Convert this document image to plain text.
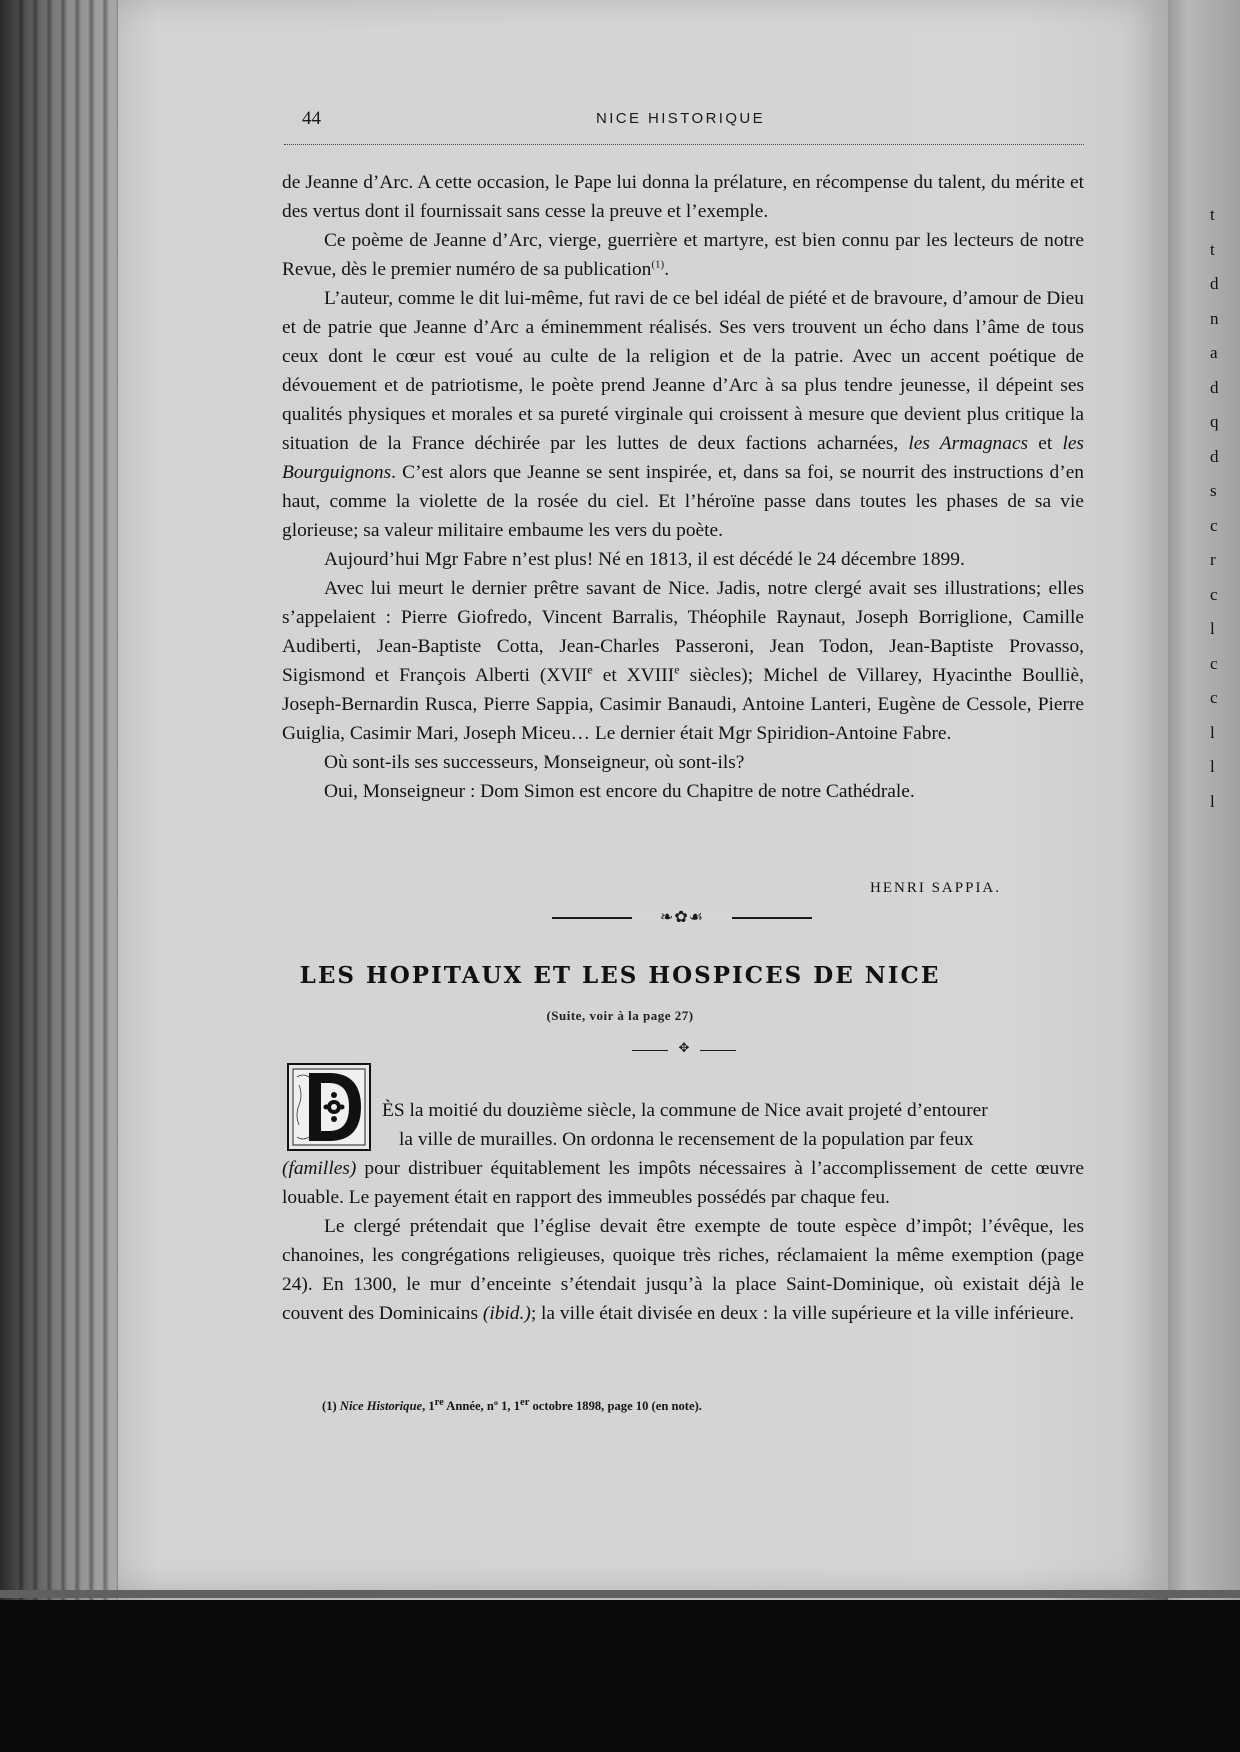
t
t
d
n
a
d
q
d
s
c
r
c
l
c
c
l
l
l
44	NICE HISTORIQUE

de Jeanne d’Arc. A cette occasion, le Pape lui donna la prélature, en récompense du talent, du mérite et des vertus dont il fournissait sans cesse la preuve et l’exemple.

Ce poème de Jeanne d’Arc, vierge, guerrière et martyre, est bien connu par les lecteurs de notre Revue, dès le premier numéro de sa publication$^{(1)}$.

L’auteur, comme le dit lui-même, fut ravi de ce bel idéal de piété et de bravoure, d’amour de Dieu et de patrie que Jeanne d’Arc a éminemment réalisés. Ses vers trouvent un écho dans l’âme de tous ceux dont le cœur est voué au culte de la religion et de la patrie. Avec un accent poétique de dévouement et de patriotisme, le poète prend Jeanne d’Arc à sa plus tendre jeunesse, il dépeint ses qualités physiques et morales et sa pureté virginale qui croissent à mesure que devient plus critique la situation de la France déchirée par les luttes de deux factions acharnées, les Armagnacs et les Bourguignons. C’est alors que Jeanne se sent inspirée, et, dans sa foi, se nourrit des instructions d’en haut, comme la violette de la rosée du ciel. Et l’héroïne passe dans toutes les phases de sa vie glorieuse; sa valeur militaire embaume les vers du poète.

Aujourd’hui Mgr Fabre n’est plus! Né en 1813, il est décédé le 24 décembre 1899.

Avec lui meurt le dernier prêtre savant de Nice. Jadis, notre clergé avait ses illustrations; elles s’appelaient : Pierre Giofredo, Vincent Barralis, Théophile Raynaut, Joseph Borriglione, Camille Audiberti, Jean-Baptiste Cotta, Jean-Charles Passeroni, Jean Todon, Jean-Baptiste Provasso, Sigismond et François Alberti (XVIIe et XVIIIe siècles); Michel de Villarey, Hyacinthe Boulliè, Joseph-Bernardin Rusca, Pierre Sappia, Casimir Banaudi, Antoine Lanteri, Eugène de Cessole, Pierre Guiglia, Casimir Mari, Joseph Miceu… Le dernier était Mgr Spiridion-Antoine Fabre.

Où sont-ils ses successeurs, Monseigneur, où sont-ils?

Oui, Monseigneur : Dom Simon est encore du Chapitre de notre Cathédrale.

HENRI SAPPIA.
❧✿☙
LES HOPITAUX ET LES HOSPICES DE NICE
(Suite, voir à la page 27)
✥

ÈS la moitié du douzième siècle, la commune de Nice avait projeté d’entourer

la ville de murailles. On ordonna le recensement de la population par feux

(familles) pour distribuer équitablement les impôts nécessaires à l’accomplissement de cette œuvre louable. Le payement était en rapport des immeubles possédés par chaque feu.

Le clergé prétendait que l’église devait être exempte de toute espèce d’impôt; l’évêque, les chanoines, les congrégations religieuses, quoique très riches, réclamaient la même exemption (page 24). En 1300, le mur d’enceinte s’étendait jusqu’à la place Saint-Dominique, où existait déjà le couvent des Dominicains (ibid.); la ville était divisée en deux : la ville supérieure et la ville inférieure.

(1) Nice Historique, 1re Année, nº 1, 1er octobre 1898, page 10 (en note).
